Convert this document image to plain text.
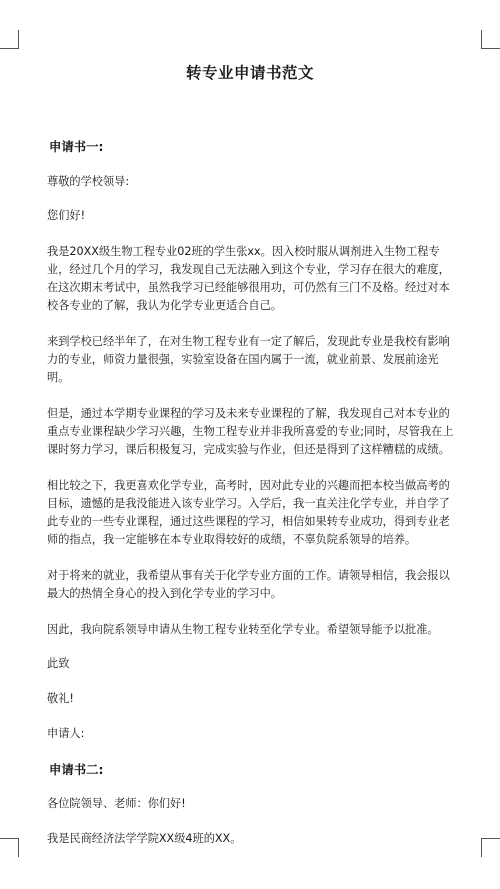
转专业申请书范文

申请书一:

尊敬的学校领导:

您们好!

我是20XX级生物工程专业02班的学生张xx。因入校时服从调剂进入生物工程专业，经过几个月的学习，我发现自己无法融入到这个专业，学习存在很大的难度，在这次期末考试中，虽然我学习已经能够很用功，可仍然有三门不及格。经过对本校各专业的了解，我认为化学专业更适合自己。

来到学校已经半年了，在对生物工程专业有一定了解后，发现此专业是我校有影响力的专业，师资力量很强，实验室设备在国内属于一流，就业前景、发展前途光明。

但是，通过本学期专业课程的学习及未来专业课程的了解，我发现自己对本专业的重点专业课程缺少学习兴趣，生物工程专业并非我所喜爱的专业;同时，尽管我在上课时努力学习，课后积极复习，完成实验与作业，但还是得到了这样糟糕的成绩。

相比较之下，我更喜欢化学专业，高考时，因对此专业的兴趣而把本校当做高考的目标，遗憾的是我没能进入该专业学习。入学后，我一直关注化学专业，并自学了此专业的一些专业课程，通过这些课程的学习，相信如果转专业成功，得到专业老师的指点，我一定能够在本专业取得较好的成绩，不辜负院系领导的培养。

对于将来的就业，我希望从事有关于化学专业方面的工作。请领导相信，我会报以最大的热情全身心的投入到化学专业的学习中。

因此，我向院系领导申请从生物工程专业转至化学专业。希望领导能予以批准。

此致

敬礼!

申请人:

申请书二:

各位院领导、老师：你们好!

我是民商经济法学学院XX级4班的XX。
